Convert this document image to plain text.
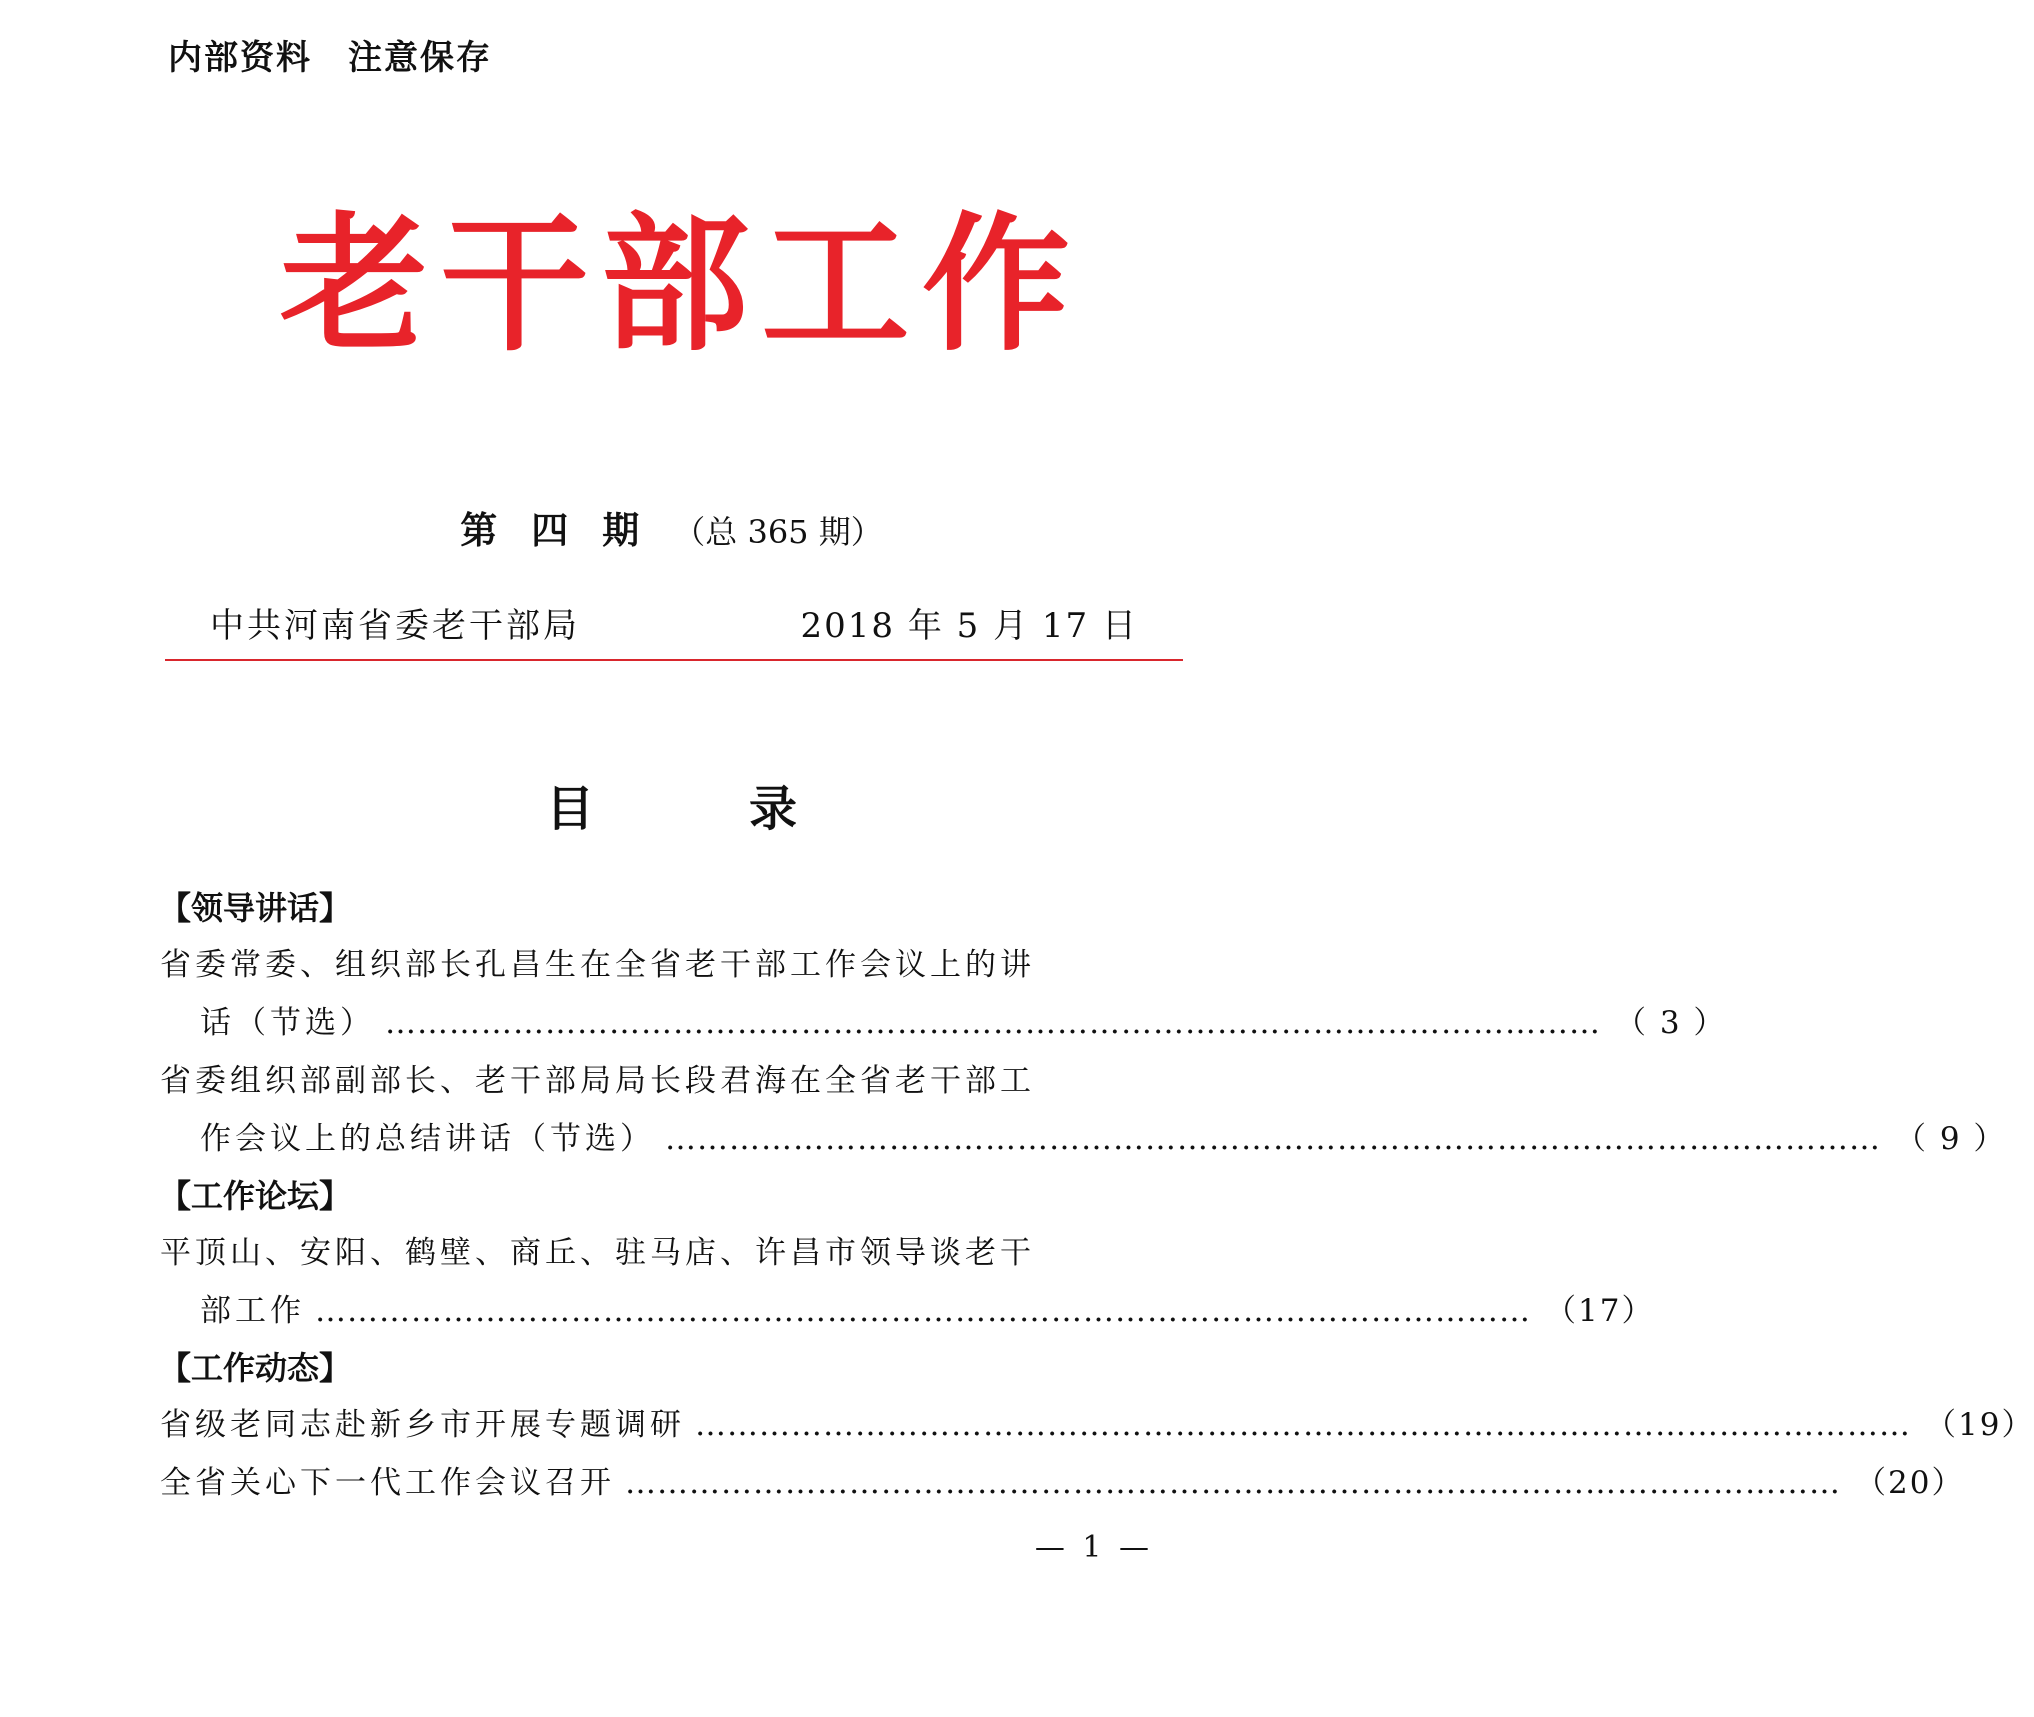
内部资料　注意保存
老 干 部 工 作
第四期（总 365 期）
中共河南省委老干部局	2018 年 5 月 17 日
目	录
【领导讲话】
省委常委、组织部长孔昌生在全省老干部工作会议上的讲
话（节选） …………………………………………………………………………………………………… （ 3 ）
省委组织部副部长、老干部局局长段君海在全省老干部工
作会议上的总结讲话（节选） …………………………………………………………………………………………………… （ 9 ）
【工作论坛】
平顶山、安阳、鹤壁、商丘、驻马店、许昌市领导谈老干
部工作 …………………………………………………………………………………………………… （17）
【工作动态】
省级老同志赴新乡市开展专题调研 …………………………………………………………………………………………………… （19）
全省关心下一代工作会议召开 …………………………………………………………………………………………………… （20）
— 1 —
